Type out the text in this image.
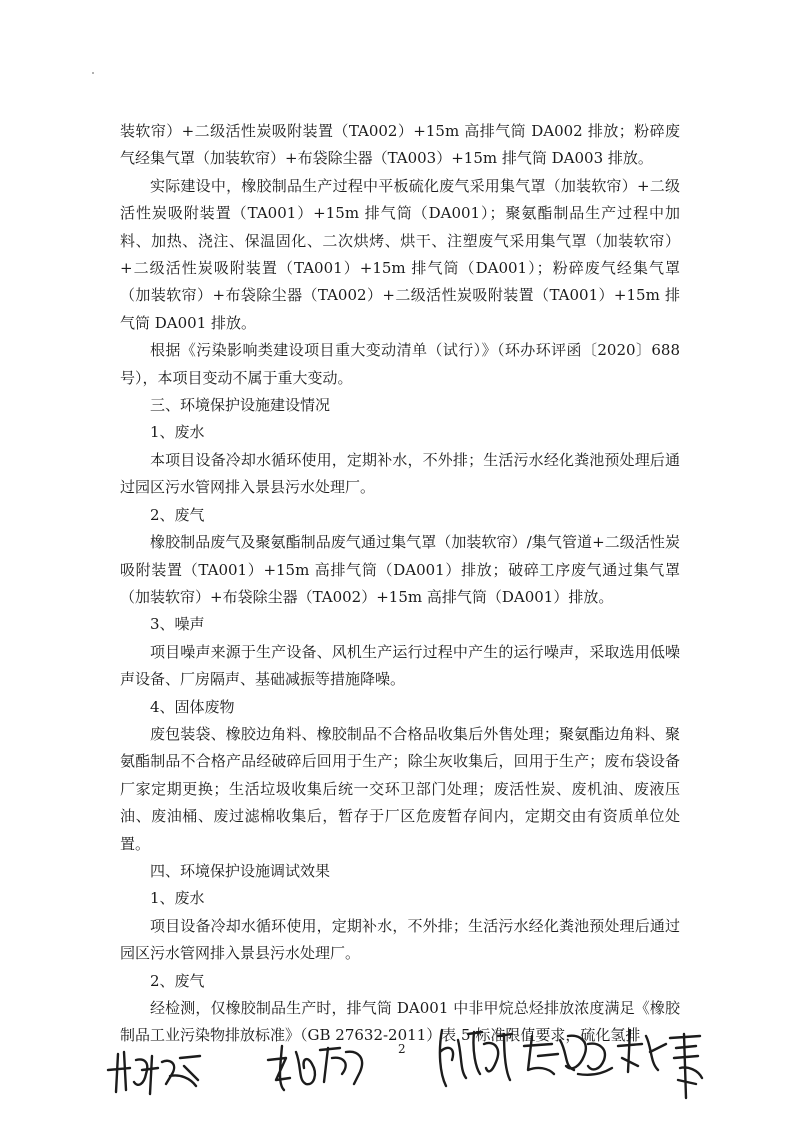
装软帘）+二级活性炭吸附装置（TA002）+15m 高排气筒 DA002 排放；粉碎废气经集气罩（加装软帘）+布袋除尘器（TA003）+15m 排气筒 DA003 排放。

实际建设中，橡胶制品生产过程中平板硫化废气采用集气罩（加装软帘）+二级活性炭吸附装置（TA001）+15m 排气筒（DA001）；聚氨酯制品生产过程中加料、加热、浇注、保温固化、二次烘烤、烘干、注塑废气采用集气罩（加装软帘）+二级活性炭吸附装置（TA001）+15m 排气筒（DA001）；粉碎废气经集气罩（加装软帘）+布袋除尘器（TA002）+二级活性炭吸附装置（TA001）+15m 排气筒 DA001 排放。

根据《污染影响类建设项目重大变动清单（试行）》（环办环评函〔2020〕688 号），本项目变动不属于重大变动。

三、环境保护设施建设情况

1、废水

本项目设备冷却水循环使用，定期补水，不外排；生活污水经化粪池预处理后通过园区污水管网排入景县污水处理厂。

2、废气

橡胶制品废气及聚氨酯制品废气通过集气罩（加装软帘）/集气管道+二级活性炭吸附装置（TA001）+15m 高排气筒（DA001）排放；破碎工序废气通过集气罩（加装软帘）+布袋除尘器（TA002）+15m 高排气筒（DA001）排放。

3、噪声

项目噪声来源于生产设备、风机生产运行过程中产生的运行噪声，采取选用低噪声设备、厂房隔声、基础减振等措施降噪。

4、固体废物

废包装袋、橡胶边角料、橡胶制品不合格品收集后外售处理；聚氨酯边角料、聚氨酯制品不合格产品经破碎后回用于生产；除尘灰收集后，回用于生产；废布袋设备厂家定期更换；生活垃圾收集后统一交环卫部门处理；废活性炭、废机油、废液压油、废油桶、废过滤棉收集后，暂存于厂区危废暂存间内，定期交由有资质单位处置。

四、环境保护设施调试效果

1、废水

项目设备冷却水循环使用，定期补水，不外排；生活污水经化粪池预处理后通过园区污水管网排入景县污水处理厂。

2、废气

经检测，仅橡胶制品生产时，排气筒 DA001 中非甲烷总烃排放浓度满足《橡胶制品工业污染物排放标准》（GB 27632-2011）表 5 标准限值要求，硫化氢排

2
